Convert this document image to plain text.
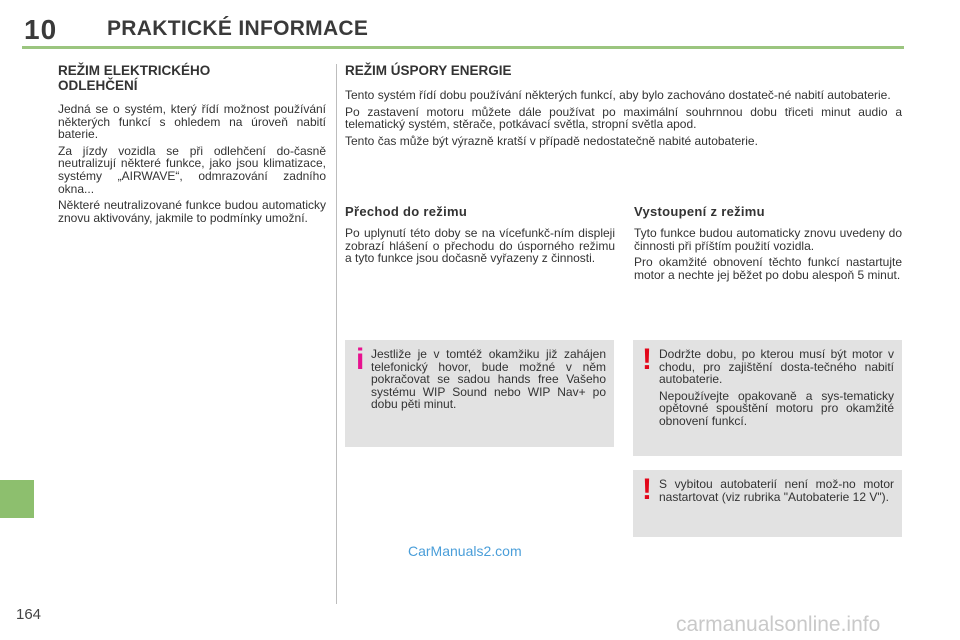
10 PRAKTICKÉ INFORMACE
REŽIM ELEKTRICKÉHO ODLEHČENÍ

Jedná se o systém, který řídí možnost používání některých funkcí s ohledem na úroveň nabití baterie.

Za jízdy vozidla se při odlehčení do-časně neutralizují některé funkce, jako jsou klimatizace, systémy „AIRWAVE“, odmrazování zadního okna...

Některé neutralizované funkce budou automaticky znovu aktivovány, jakmile to podmínky umožní.

REŽIM ÚSPORY ENERGIE

Tento systém řídí dobu používání některých funkcí, aby bylo zachováno dostateč-né nabití autobaterie.

Po zastavení motoru můžete dále používat po maximální souhrnnou dobu třiceti minut audio a telematický systém, stěrače, potkávací světla, stropní světla apod.

Tento čas může být výrazně kratší v případě nedostatečně nabité autobaterie.

Přechod do režimu

Po uplynutí této doby se na vícefunkč-ním displeji zobrazí hlášení o přechodu do úsporného režimu a tyto funkce jsou dočasně vyřazeny z činnosti.

Vystoupení z režimu

Tyto funkce budou automaticky znovu uvedeny do činnosti při příštím použití vozidla.

Pro okamžité obnovení těchto funkcí nastartujte motor a nechte jej běžet po dobu alespoň 5 minut.

i Jestliže je v tomtéž okamžiku již zahájen telefonický hovor, bude možné v něm pokračovat se sadou hands free Vašeho systému WIP Sound nebo WIP Nav+ po dobu pěti minut.

! Dodržte dobu, po kterou musí být motor v chodu, pro zajištění dosta-tečného nabití autobaterie.

Nepoužívejte opakovaně a sys-tematicky opětovné spouštění motoru pro okamžité obnovení funkcí.

! S vybitou autobaterií není mož-no motor nastartovat (viz rubrika "Autobaterie 12 V").

CarManuals2.com
164	carmanualsonline.info
